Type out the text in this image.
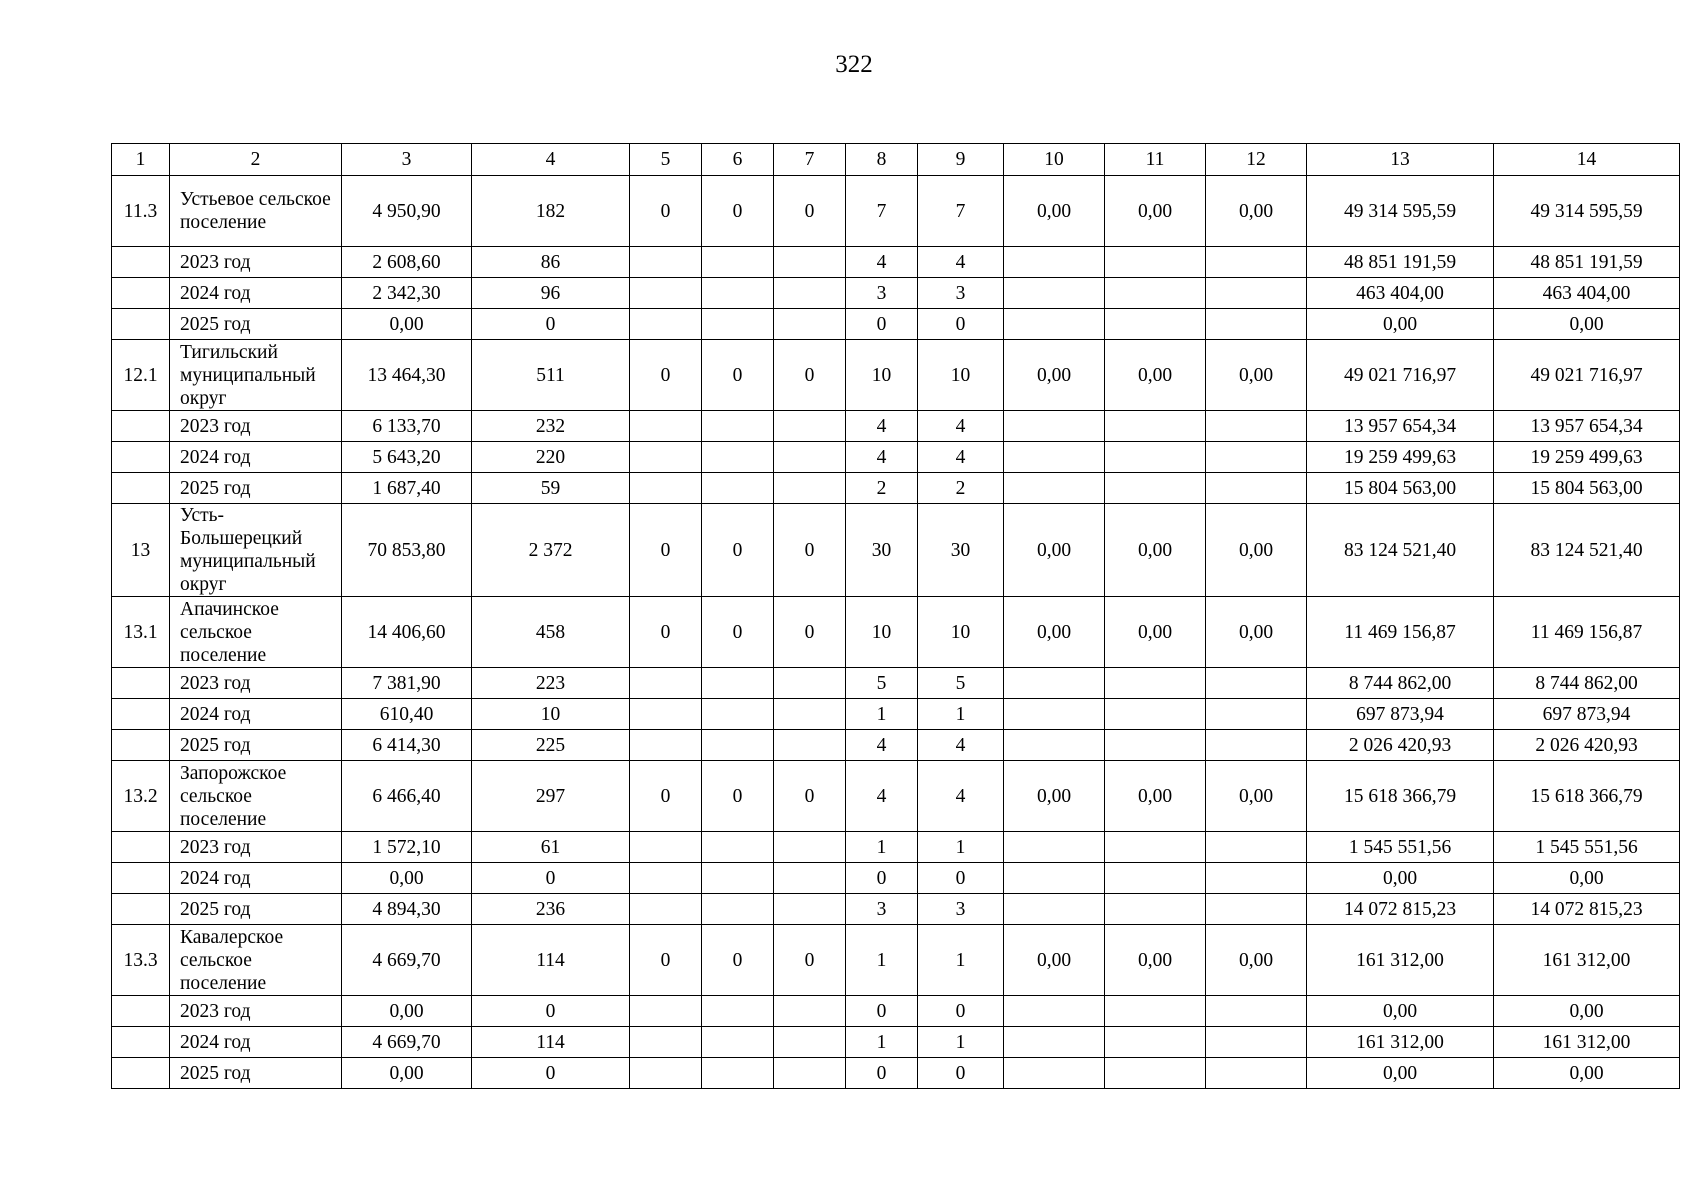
322
1	2	3	4	5	6	7	8	9	10	11	12	13	14
11.3	Устьевое сельское поселение	4 950,90	182	0	0	0	7	7	0,00	0,00	0,00	49 314 595,59	49 314 595,59
	2023 год	2 608,60	86				4	4				48 851 191,59	48 851 191,59
	2024 год	2 342,30	96				3	3				463 404,00	463 404,00
	2025 год	0,00	0				0	0				0,00	0,00
12.1	Тигильский муниципальный округ	13 464,30	511	0	0	0	10	10	0,00	0,00	0,00	49 021 716,97	49 021 716,97
	2023 год	6 133,70	232				4	4				13 957 654,34	13 957 654,34
	2024 год	5 643,20	220				4	4				19 259 499,63	19 259 499,63
	2025 год	1 687,40	59				2	2				15 804 563,00	15 804 563,00
13	Усть-Большерецкий муниципальный округ	70 853,80	2 372	0	0	0	30	30	0,00	0,00	0,00	83 124 521,40	83 124 521,40
13.1	Апачинское сельское поселение	14 406,60	458	0	0	0	10	10	0,00	0,00	0,00	11 469 156,87	11 469 156,87
	2023 год	7 381,90	223				5	5				8 744 862,00	8 744 862,00
	2024 год	610,40	10				1	1				697 873,94	697 873,94
	2025 год	6 414,30	225				4	4				2 026 420,93	2 026 420,93
13.2	Запорожское сельское поселение	6 466,40	297	0	0	0	4	4	0,00	0,00	0,00	15 618 366,79	15 618 366,79
	2023 год	1 572,10	61				1	1				1 545 551,56	1 545 551,56
	2024 год	0,00	0				0	0				0,00	0,00
	2025 год	4 894,30	236				3	3				14 072 815,23	14 072 815,23
13.3	Кавалерское сельское поселение	4 669,70	114	0	0	0	1	1	0,00	0,00	0,00	161 312,00	161 312,00
	2023 год	0,00	0				0	0				0,00	0,00
	2024 год	4 669,70	114				1	1				161 312,00	161 312,00
	2025 год	0,00	0				0	0				0,00	0,00
